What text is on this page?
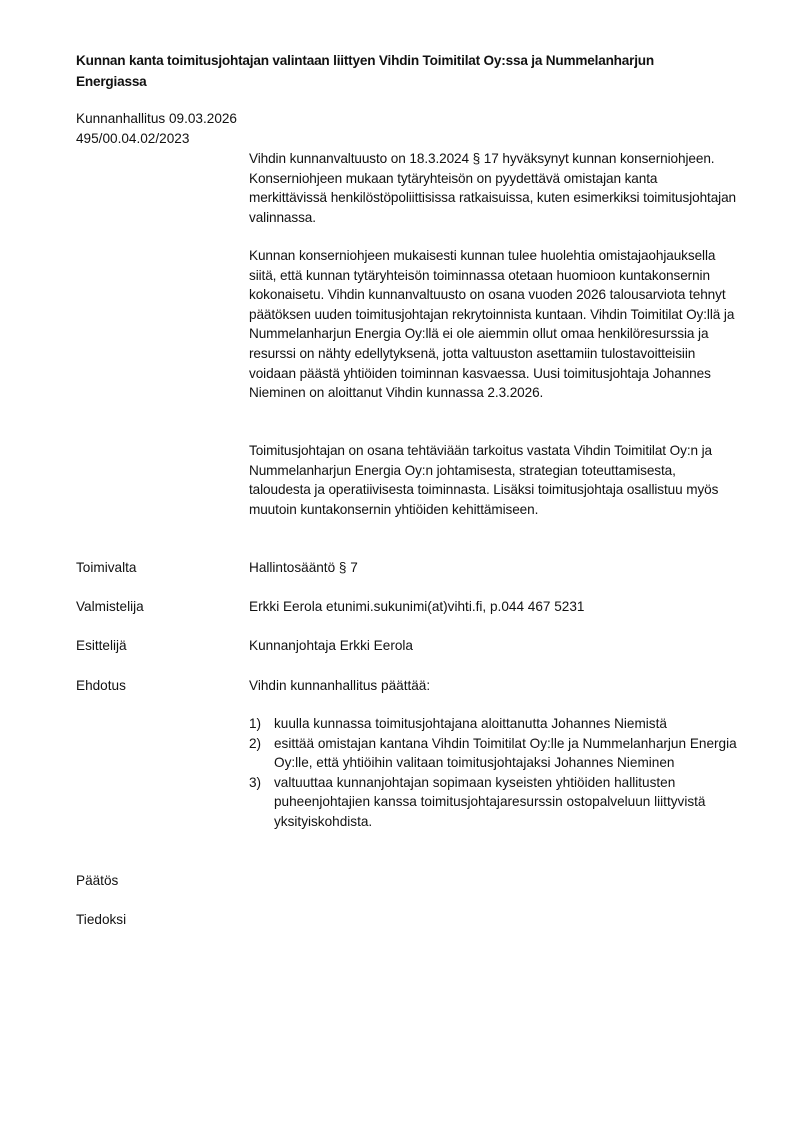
Kunnan kanta toimitusjohtajan valintaan liittyen Vihdin Toimitilat Oy:ssa ja Nummelanharjun Energiassa
Kunnanhallitus 09.03.2026
495/00.04.02/2023
Vihdin kunnanvaltuusto on 18.3.2024 § 17 hyväksynyt kunnan konserniohjeen. Konserniohjeen mukaan tytäryhteisön on pyydettävä omistajan kanta merkittävissä henkilöstöpoliittisissa ratkaisuissa, kuten esimerkiksi toimitusjohtajan valinnassa.
Kunnan konserniohjeen mukaisesti kunnan tulee huolehtia omistajaohjauksella siitä, että kunnan tytäryhteisön toiminnassa otetaan huomioon kuntakonsernin kokonaisetu. Vihdin kunnanvaltuusto on osana vuoden 2026 talousarviota tehnyt päätöksen uuden toimitusjohtajan rekrytoinnista kuntaan. Vihdin Toimitilat Oy:llä ja Nummelanharjun Energia Oy:llä ei ole aiemmin ollut omaa henkilöresurssia ja resurssi on nähty edellytyksenä, jotta valtuuston asettamiin tulostavoitteisiin voidaan päästä yhtiöiden toiminnan kasvaessa. Uusi toimitusjohtaja Johannes Nieminen on aloittanut Vihdin kunnassa 2.3.2026.
Toimitusjohtajan on osana tehtäviään tarkoitus vastata Vihdin Toimitilat Oy:n ja Nummelanharjun Energia Oy:n johtamisesta, strategian toteuttamisesta, taloudesta ja operatiivisesta toiminnasta. Lisäksi toimitusjohtaja osallistuu myös muutoin kuntakonsernin yhtiöiden kehittämiseen.
Toimivalta	Hallintosääntö § 7
Valmistelija	Erkki Eerola etunimi.sukunimi(at)vihti.fi, p.044 467 5231
Esittelijä	Kunnanjohtaja Erkki Eerola
Ehdotus	Vihdin kunnanhallitus päättää:
1) kuulla kunnassa toimitusjohtajana aloittanutta Johannes Niemistä
2) esittää omistajan kantana Vihdin Toimitilat Oy:lle ja Nummelanharjun Energia Oy:lle, että yhtiöihin valitaan toimitusjohtajaksi Johannes Nieminen
3) valtuuttaa kunnanjohtajan sopimaan kyseisten yhtiöiden hallitusten puheenjohtajien kanssa toimitusjohtajaresurssin ostopalveluun liittyvistä yksityiskohdista.
Päätös
Tiedoksi
